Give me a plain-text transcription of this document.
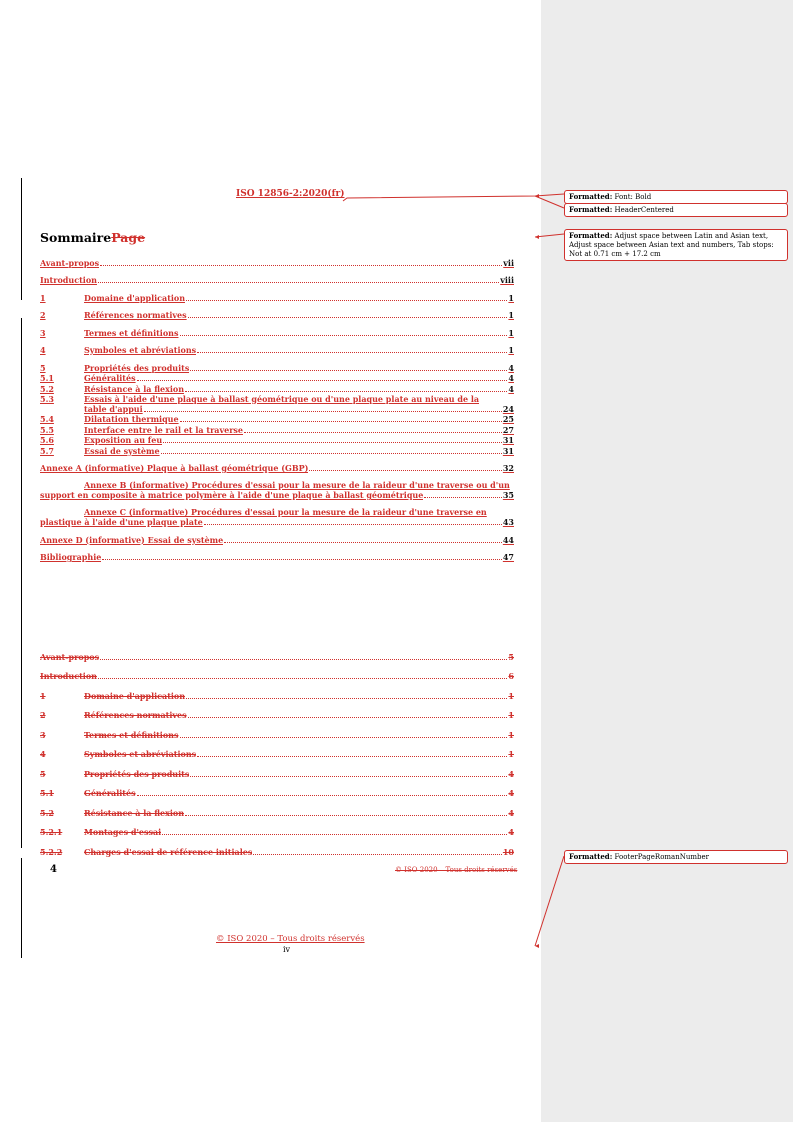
ISO 12856-2:2020(fr)
SommairePage
Avant-propos	vii
Introduction	viii
1	Domaine d'application	1
2	Références normatives	1
3	Termes et définitions	1
4	Symboles et abréviations	1
5	Propriétés des produits	4
5.1	Généralités	4
5.2	Résistance à la flexion	4
5.3	Essais à l'aide d'une plaque à ballast géométrique ou d'une plaque plate au niveau de la
table d'appui	24
5.4	Dilatation thermique	25
5.5	Interface entre le rail et la traverse	27
5.6	Exposition au feu	31
5.7	Essai de système	31
Annexe A (informative) Plaque à ballast géométrique (GBP)	32
Annexe B (informative) Procédures d'essai pour la mesure de la raideur d'une traverse ou d'un
support en composite à matrice polymère à l'aide d'une plaque à ballast géométrique	35
Annexe C (informative) Procédures d'essai pour la mesure de la raideur d'une traverse en
plastique à l'aide d'une plaque plate	43
Annexe D (informative) Essai de système	44
Bibliographie	47
Avant-propos	5
Introduction	6
1	Domaine d'application	1
2	Références normatives	1
3	Termes et définitions	1
4	Symboles et abréviations	1
5	Propriétés des produits	4
5.1	Généralités	4
5.2	Résistance à la flexion	4
5.2.1	Montages d'essai	4
5.2.2	Charges d'essai de référence initiales	10
4	© ISO 2020 – Tous droits réservés
© ISO 2020 – Tous droits réservés
iv
Formatted: Font: Bold
Formatted: HeaderCentered
Formatted: Adjust space between Latin and Asian text, Adjust space between Asian text and numbers, Tab stops: Not at 0.71 cm + 17.2 cm
Formatted: FooterPageRomanNumber
